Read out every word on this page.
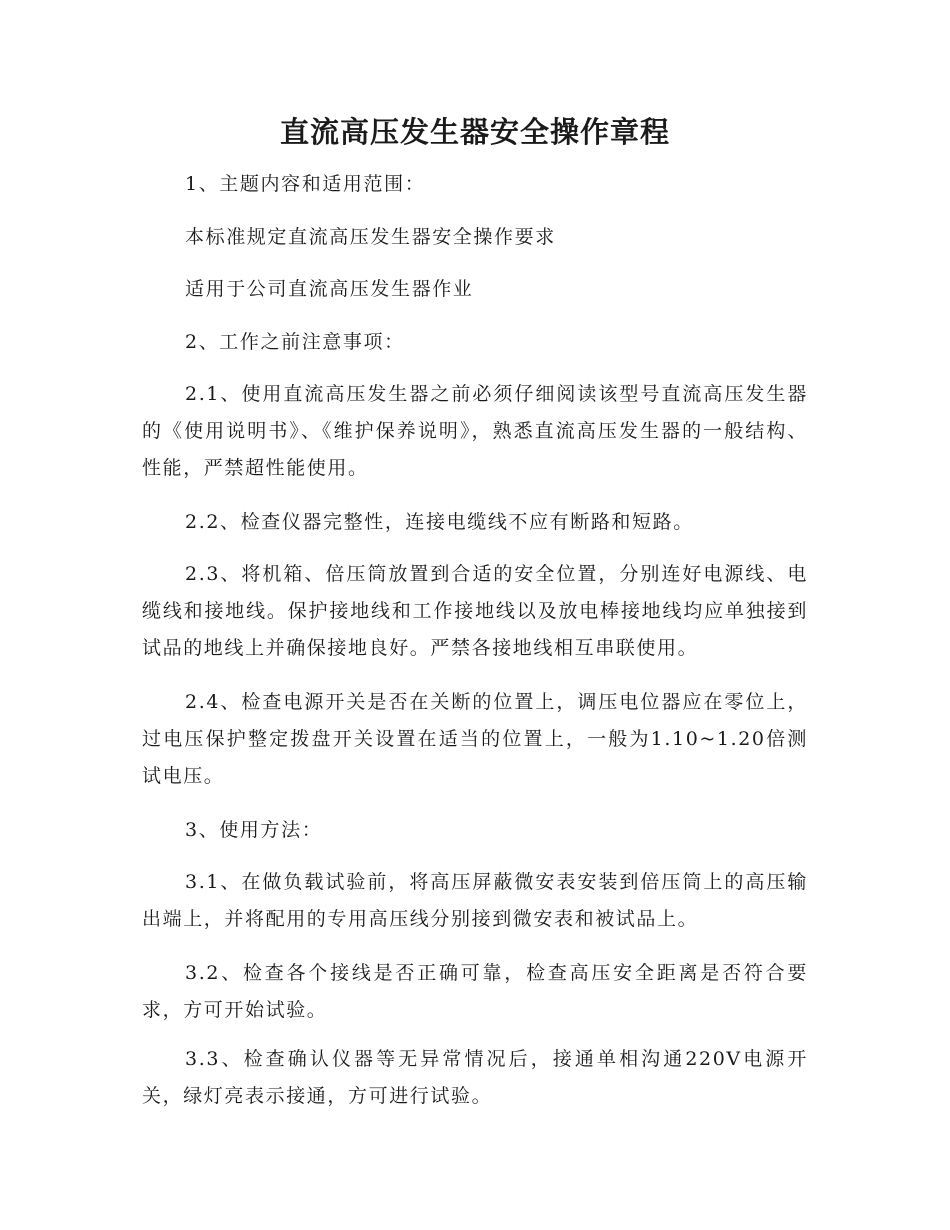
直流高压发生器安全操作章程

1、主题内容和适用范围：

本标准规定直流高压发生器安全操作要求

适用于公司直流高压发生器作业

2、工作之前注意事项：

2.1、使用直流高压发生器之前必须仔细阅读该型号直流高压发生器的《使用说明书》、《维护保养说明》，熟悉直流高压发生器的一般结构、性能，严禁超性能使用。

2.2、检查仪器完整性，连接电缆线不应有断路和短路。

2.3、将机箱、倍压筒放置到合适的安全位置，分别连好电源线、电缆线和接地线。保护接地线和工作接地线以及放电棒接地线均应单独接到试品的地线上并确保接地良好。严禁各接地线相互串联使用。

2.4、检查电源开关是否在关断的位置上，调压电位器应在零位上，过电压保护整定拨盘开关设置在适当的位置上，一般为1.10~1.20倍测试电压。

3、使用方法：

3.1、在做负载试验前，将高压屏蔽微安表安装到倍压筒上的高压输出端上，并将配用的专用高压线分别接到微安表和被试品上。

3.2、检查各个接线是否正确可靠，检查高压安全距离是否符合要求，方可开始试验。

3.3、检查确认仪器等无异常情况后，接通单相沟通220V电源开关，绿灯亮表示接通，方可进行试验。
